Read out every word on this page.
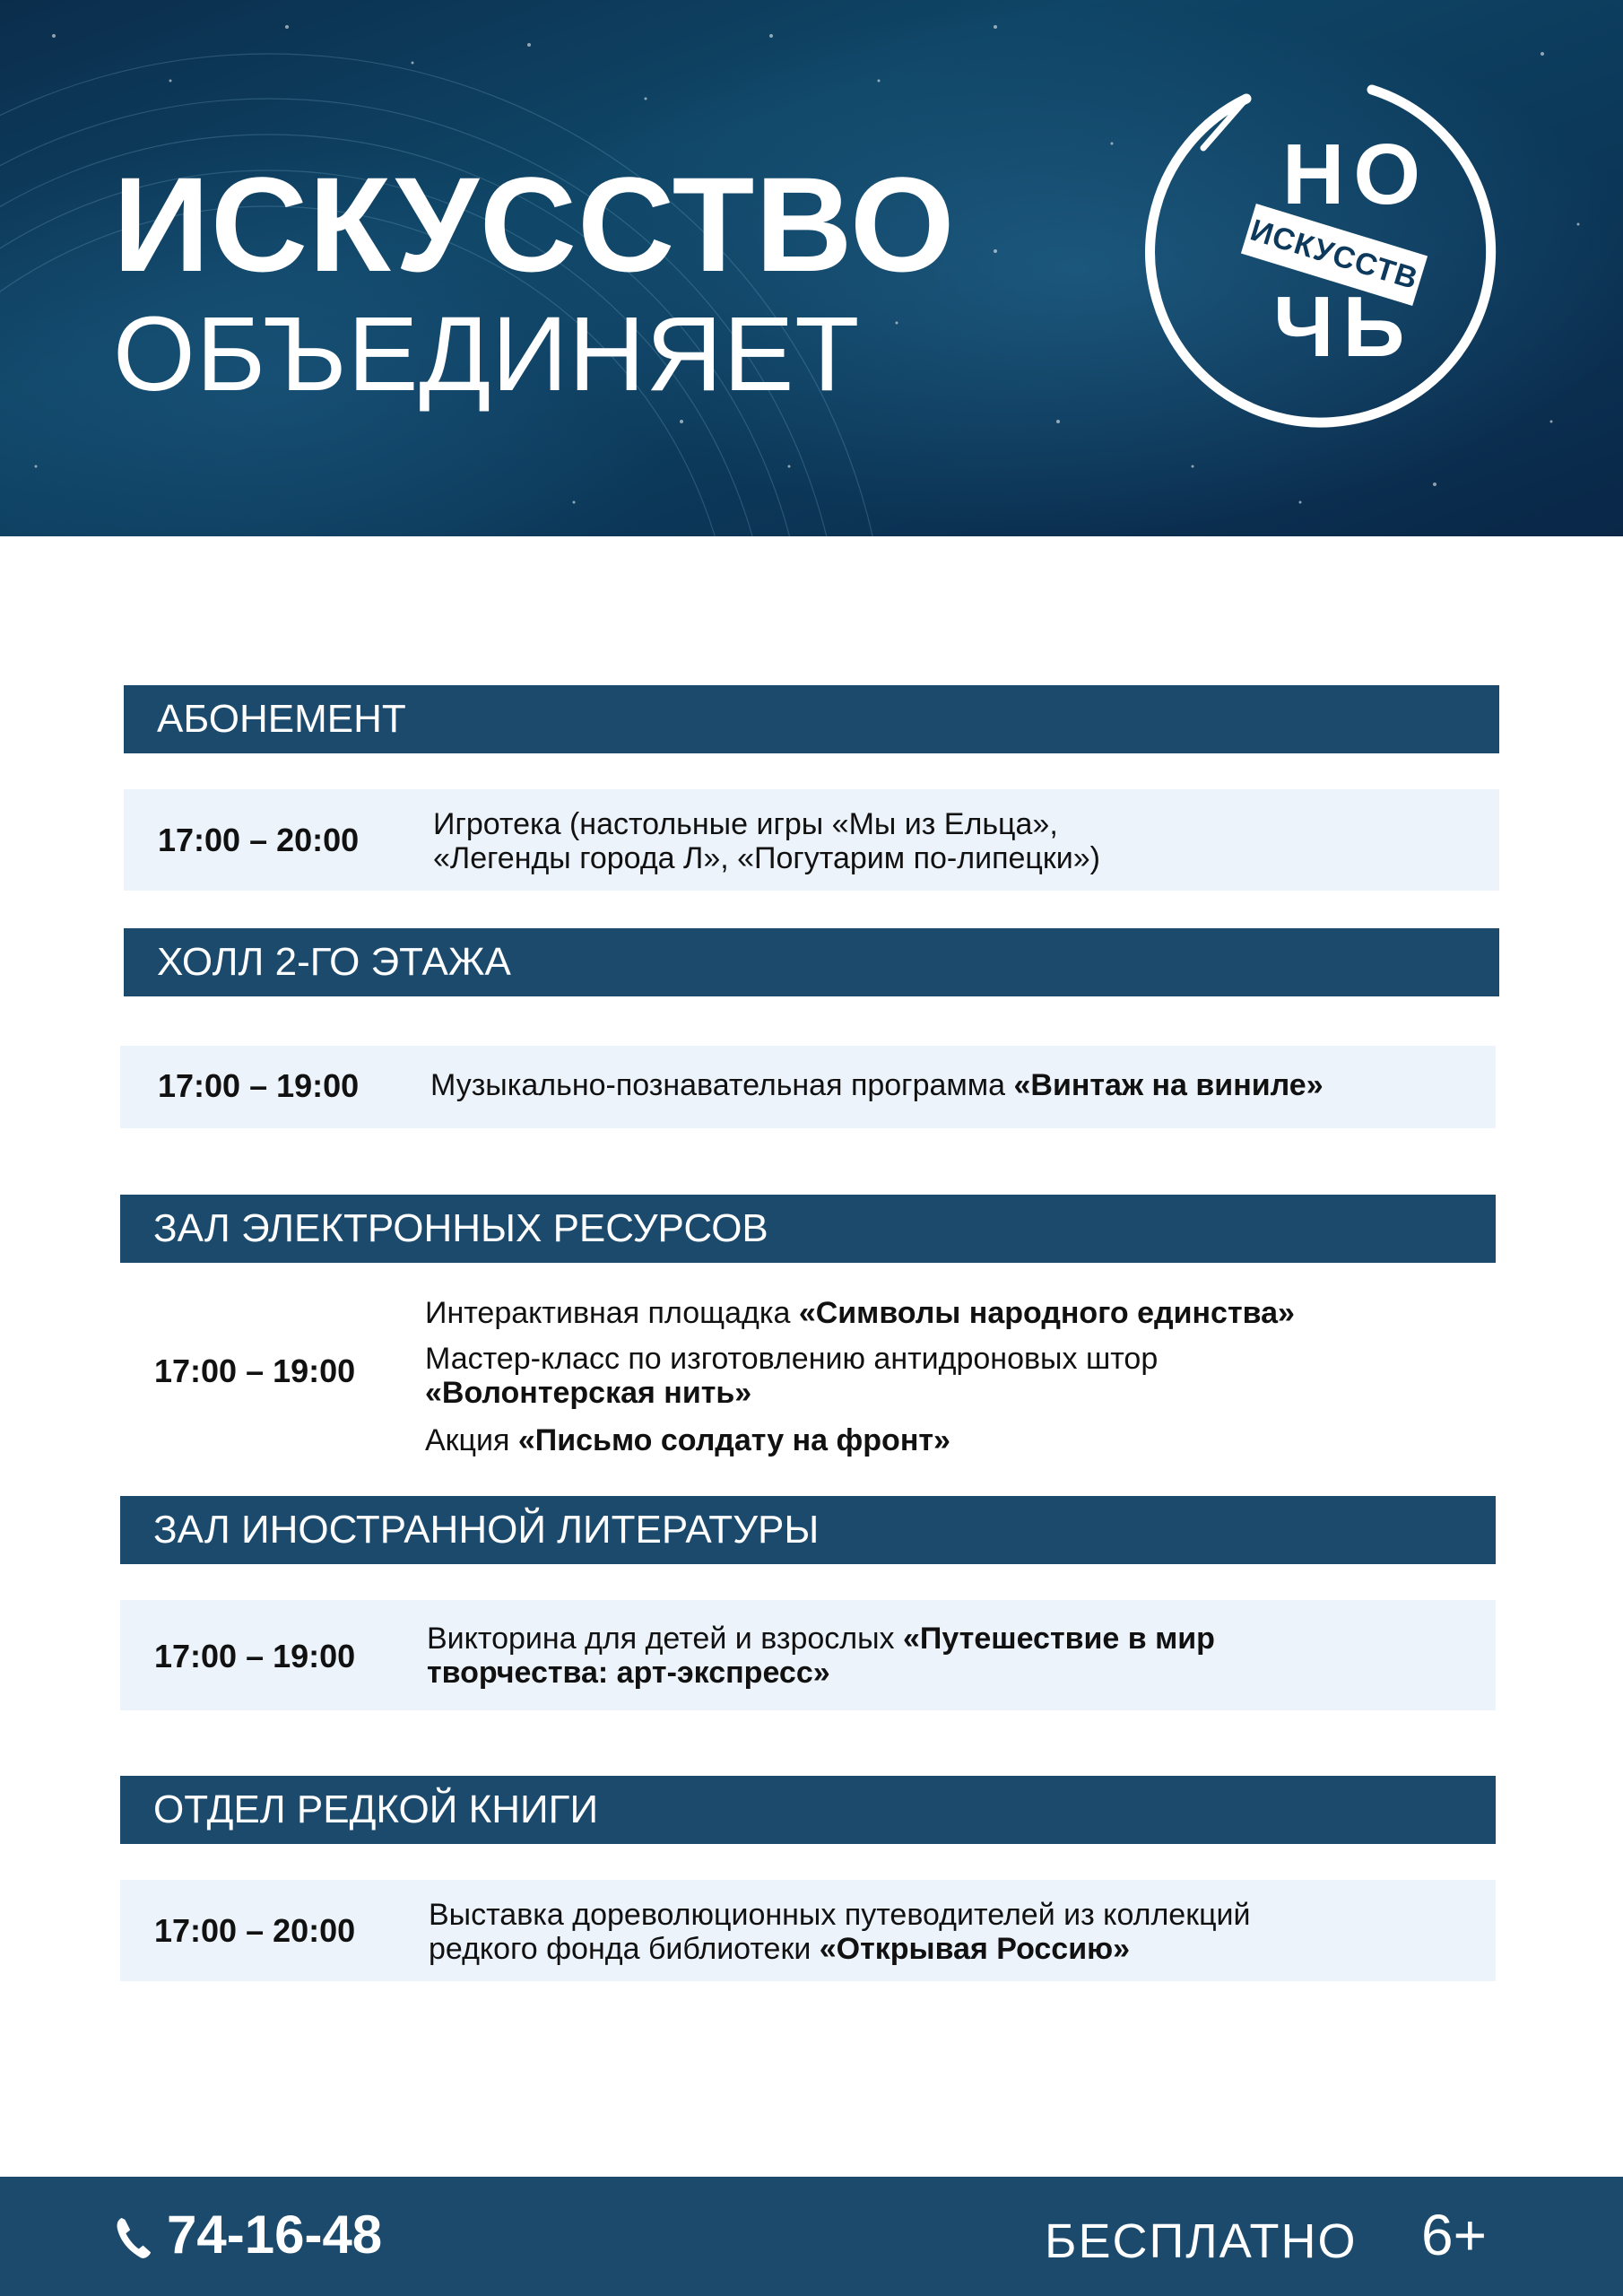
ИСКУССТВО
ОБЪЕДИНЯЕТ
НО
ИСКУССТВ
ЧЬ
АБОНЕМЕНТ
17:00 – 20:00 Игротека (настольные игры «Мы из Ельца»,

«Легенды города Л», «Погутарим по-липецки»)

ХОЛЛ 2-ГО ЭТАЖА
17:00 – 19:00 Музыкально-познавательная программа «Винтаж на виниле»
ЗАЛ ЭЛЕКТРОННЫХ РЕСУРСОВ
17:00 – 19:00
Интерактивная площадка «Символы народного единства»

Мастер-класс по изготовлению антидроновых штор

«Волонтерская нить»

Акция «Письмо солдату на фронт»
ЗАЛ ИНОСТРАННОЙ ЛИТЕРАТУРЫ
17:00 – 19:00 Викторина для детей и взрослых «Путешествие в мир

творчества: арт-экспресс»

ОТДЕЛ РЕДКОЙ КНИГИ
17:00 – 20:00 Выставка дореволюционных путеводителей из коллекций

редкого фонда библиотеки «Открывая Россию»

74-16-48	БЕСПЛАТНО 6+
